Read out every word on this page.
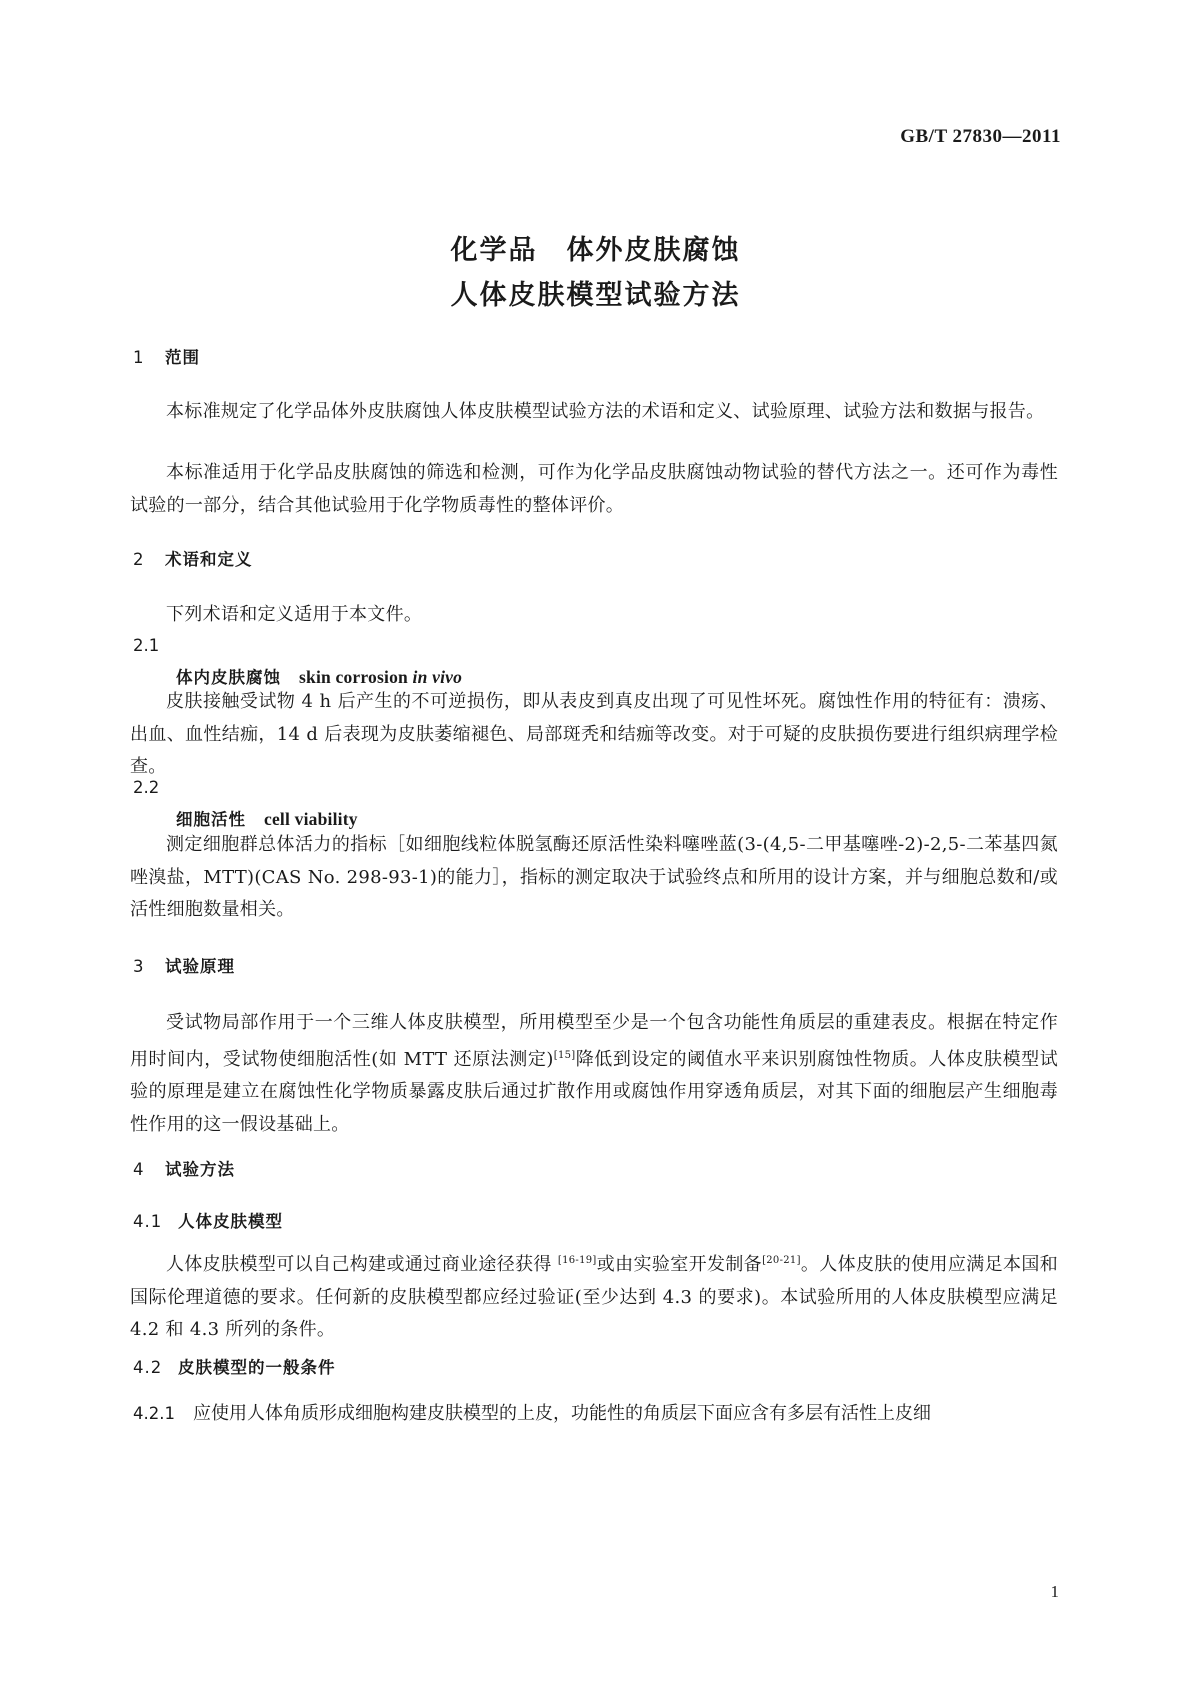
GB/T 27830—2011
化学品　体外皮肤腐蚀
人体皮肤模型试验方法
1 范围
本标准规定了化学品体外皮肤腐蚀人体皮肤模型试验方法的术语和定义、试验原理、试验方法和数据与报告。
本标准适用于化学品皮肤腐蚀的筛选和检测，可作为化学品皮肤腐蚀动物试验的替代方法之一。还可作为毒性试验的一部分，结合其他试验用于化学物质毒性的整体评价。
2 术语和定义
下列术语和定义适用于本文件。
2.1
体内皮肤腐蚀 skin corrosion in vivo
皮肤接触受试物 4 h 后产生的不可逆损伤，即从表皮到真皮出现了可见性坏死。腐蚀性作用的特征有：溃疡、出血、血性结痂，14 d 后表现为皮肤萎缩褪色、局部斑秃和结痂等改变。对于可疑的皮肤损伤要进行组织病理学检查。
2.2
细胞活性 cell viability
测定细胞群总体活力的指标［如细胞线粒体脱氢酶还原活性染料噻唑蓝(3-(4,5-二甲基噻唑-2)-2,5-二苯基四氮唑溴盐，MTT)(CAS No. 298-93-1)的能力］，指标的测定取决于试验终点和所用的设计方案，并与细胞总数和/或活性细胞数量相关。
3 试验原理
受试物局部作用于一个三维人体皮肤模型，所用模型至少是一个包含功能性角质层的重建表皮。根据在特定作用时间内，受试物使细胞活性(如 MTT 还原法测定)[15]降低到设定的阈值水平来识别腐蚀性物质。人体皮肤模型试验的原理是建立在腐蚀性化学物质暴露皮肤后通过扩散作用或腐蚀作用穿透角质层，对其下面的细胞层产生细胞毒性作用的这一假设基础上。
4 试验方法
4.1 人体皮肤模型
人体皮肤模型可以自己构建或通过商业途径获得 [16-19]或由实验室开发制备[20-21]。人体皮肤的使用应满足本国和国际伦理道德的要求。任何新的皮肤模型都应经过验证(至少达到 4.3 的要求)。本试验所用的人体皮肤模型应满足 4.2 和 4.3 所列的条件。
4.2 皮肤模型的一般条件
4.2.1 应使用人体角质形成细胞构建皮肤模型的上皮，功能性的角质层下面应含有多层有活性上皮细
1
